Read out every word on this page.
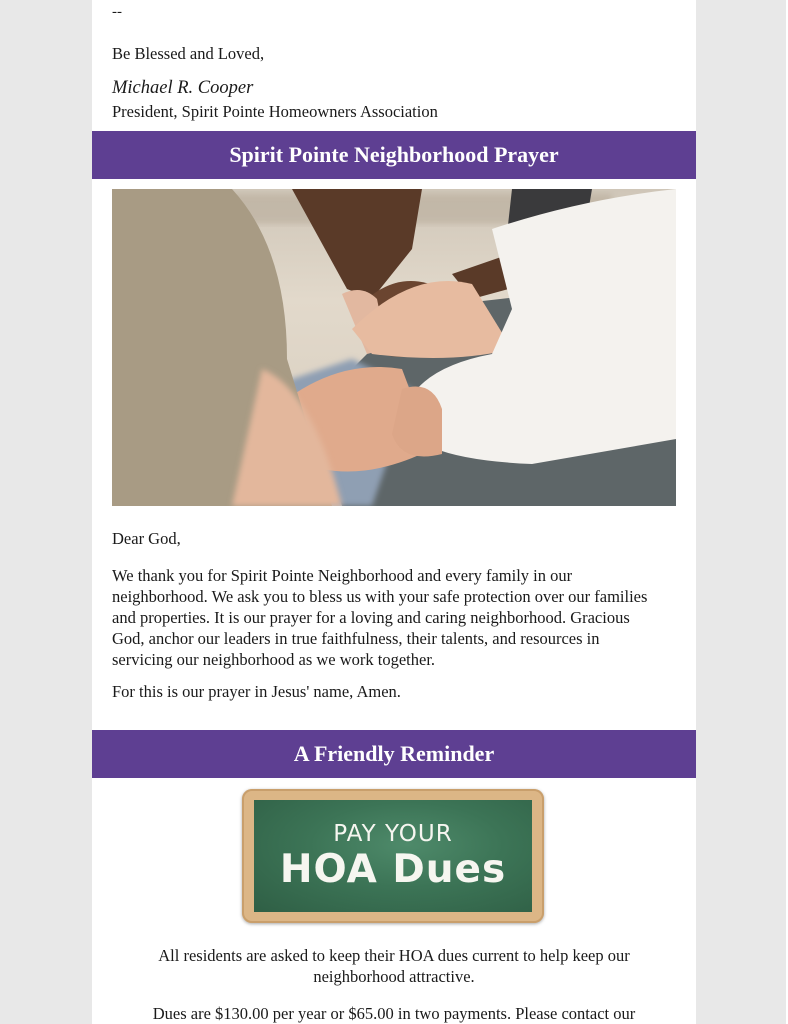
--

Be Blessed and Loved,

Michael R. Cooper

President, Spirit Pointe Homeowners Association

Spirit Pointe Neighborhood Prayer

Dear God,

We thank you for Spirit Pointe Neighborhood and every family in our neighborhood. We ask you to bless us with your safe protection over our families and properties. It is our prayer for a loving and caring neighborhood. Gracious God, anchor our leaders in true faithfulness, their talents, and resources in servicing our neighborhood as we work together.

For this is our prayer in Jesus' name, Amen.

A Friendly Reminder
PAY YOUR
HOA Dues

All residents are asked to keep their HOA dues current to help keep our neighborhood attractive.

Dues are $130.00 per year or $65.00 in two payments. Please contact our
